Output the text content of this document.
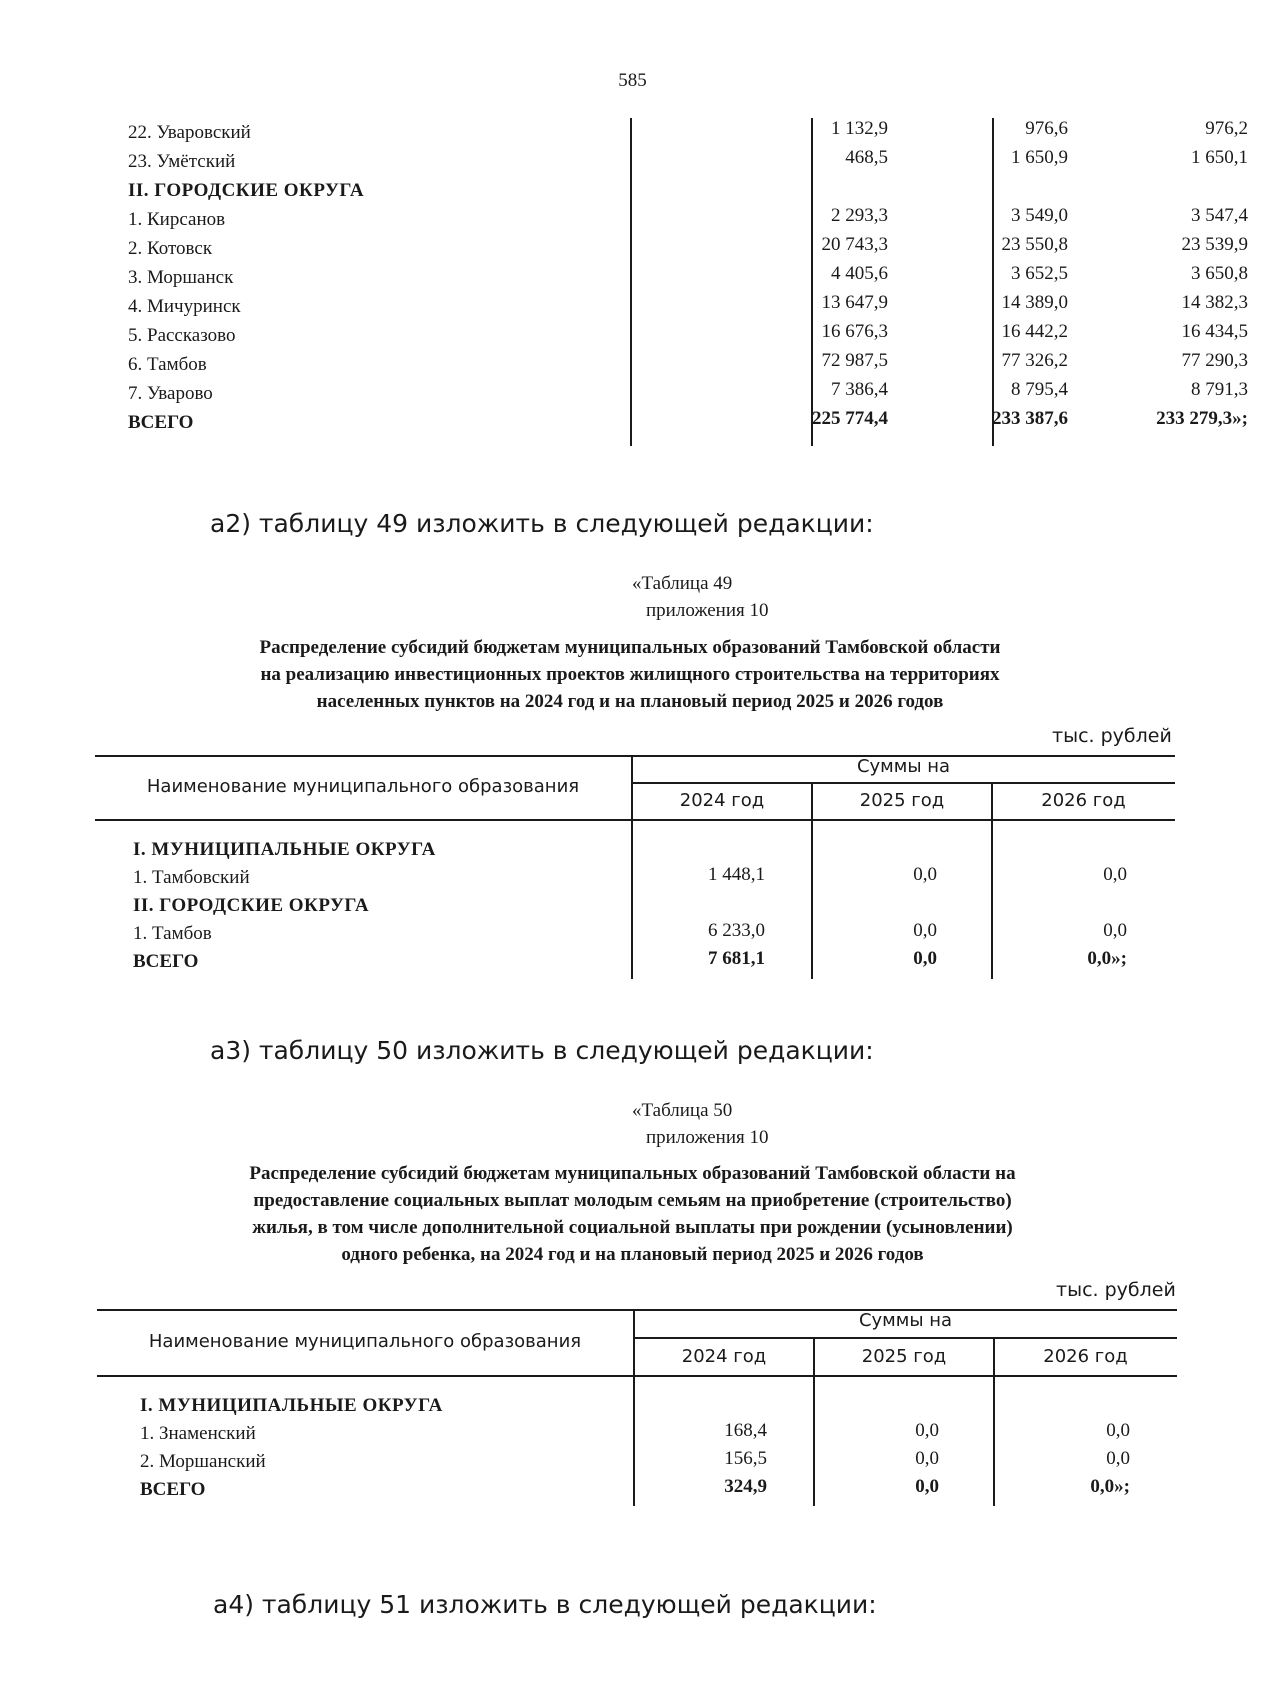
585
22. Уваровский	1 132,9	976,6	976,2
23. Умётский	468,5	1 650,9	1 650,1
II. ГОРОДСКИЕ ОКРУГА
1. Кирсанов	2 293,3	3 549,0	3 547,4
2. Котовск	20 743,3	23 550,8	23 539,9
3. Моршанск	4 405,6	3 652,5	3 650,8
4. Мичуринск	13 647,9	14 389,0	14 382,3
5. Рассказово	16 676,3	16 442,2	16 434,5
6. Тамбов	72 987,5	77 326,2	77 290,3
7. Уварово	7 386,4	8 795,4	8 791,3
ВСЕГО	225 774,4	233 387,6	233 279,3»;
а2) таблицу 49 изложить в следующей редакции:
«Таблица 49
приложения 10
Распределение субсидий бюджетам муниципальных образований Тамбовской области
на реализацию инвестиционных проектов жилищного строительства на территориях
населенных пунктов на 2024 год и на плановый период 2025 и 2026 годов
тыс. рублей
Наименование муниципального образования
Суммы на
2024 год	2025 год	2026 год
I. МУНИЦИПАЛЬНЫЕ ОКРУГА
1. Тамбовский	1 448,1	0,0	0,0
II. ГОРОДСКИЕ ОКРУГА
1. Тамбов	6 233,0	0,0	0,0
ВСЕГО	7 681,1	0,0	0,0»;
а3) таблицу 50 изложить в следующей редакции:
«Таблица 50
приложения 10
Распределение субсидий бюджетам муниципальных образований Тамбовской области на
предоставление социальных выплат молодым семьям на приобретение (строительство)
жилья, в том числе дополнительной социальной выплаты при рождении (усыновлении)
одного ребенка, на 2024 год и на плановый период 2025 и 2026 годов
тыс. рублей
Наименование муниципального образования
Суммы на
2024 год	2025 год	2026 год
I. МУНИЦИПАЛЬНЫЕ ОКРУГА
1. Знаменский	168,4	0,0	0,0
2. Моршанский	156,5	0,0	0,0
ВСЕГО	324,9	0,0	0,0»;
а4) таблицу 51 изложить в следующей редакции:
